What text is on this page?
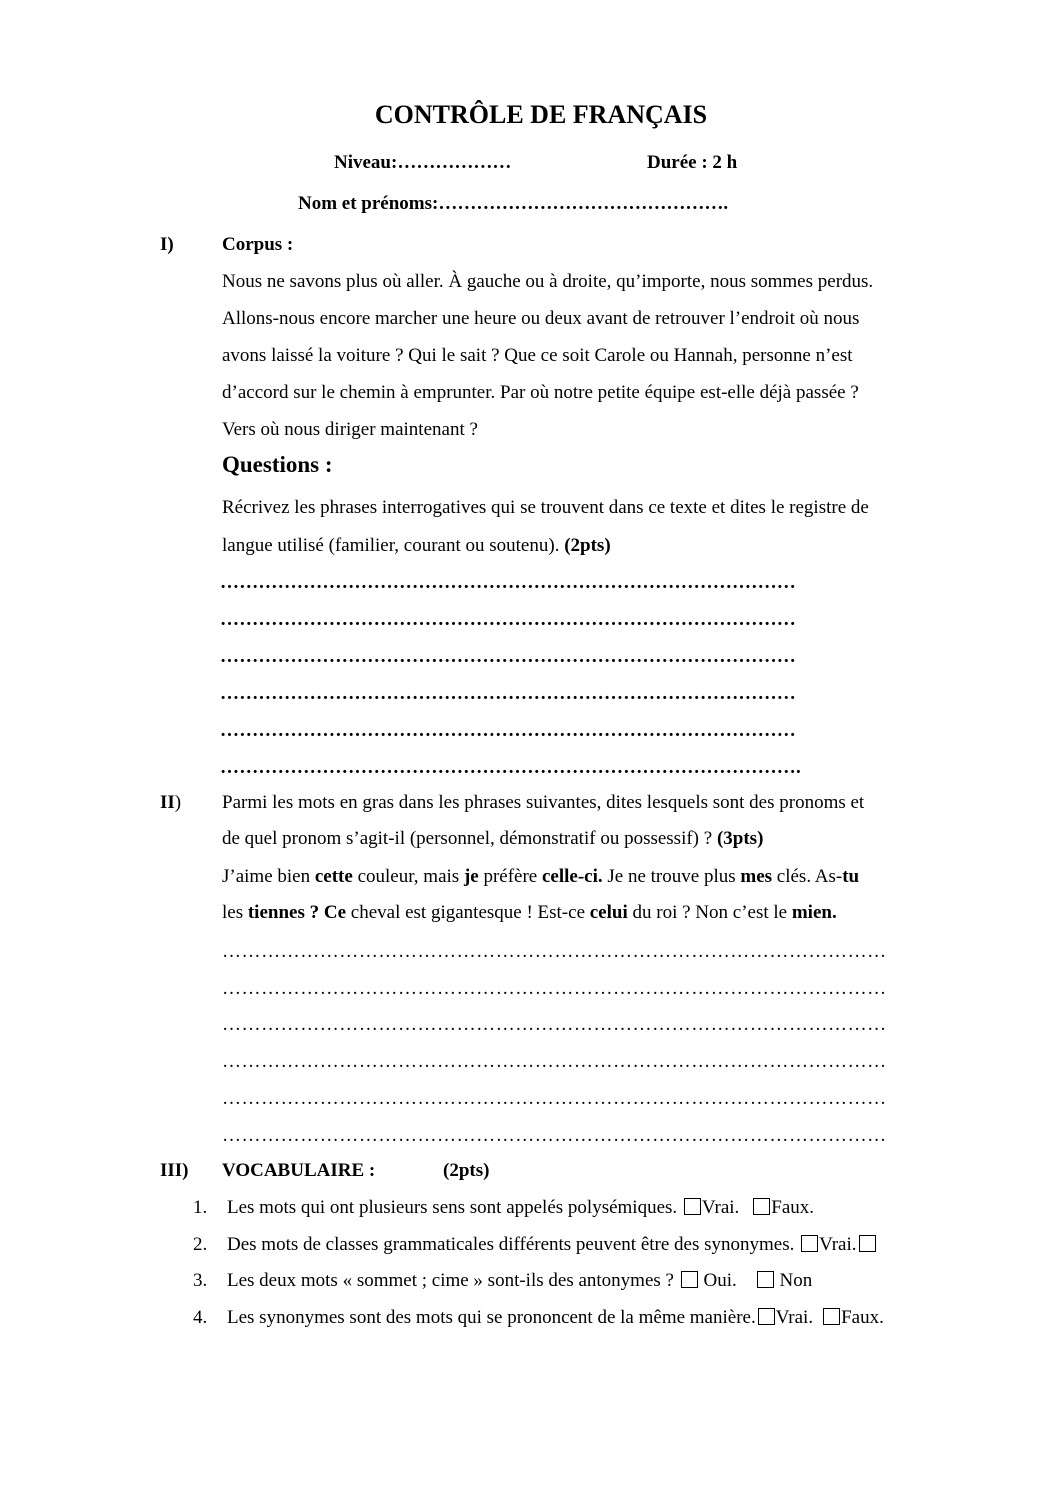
CONTRÔLE DE FRANÇAIS
Niveau:………………	Durée : 2 h
Nom et prénoms:……………………………………….
I)	Corpus :
Nous ne savons plus où aller. À gauche ou à droite, qu’importe, nous sommes perdus.
Allons-nous encore marcher une heure ou deux avant de retrouver l’endroit où nous
avons laissé la voiture ? Qui le sait ? Que ce soit Carole ou Hannah, personne n’est
d’accord sur le chemin à emprunter. Par où notre petite équipe est-elle déjà passée ?
Vers où nous diriger maintenant ?
Questions :
Récrivez les phrases interrogatives qui se trouvent dans ce texte et dites le registre de
langue utilisé (familier, courant ou soutenu). (2pts)
………………………………………………………………………………
………………………………………………………………………………
………………………………………………………………………………
………………………………………………………………………………
………………………………………………………………………………
……………………………………………………………………………….
II) Parmi les mots en gras dans les phrases suivantes, dites lesquels sont des pronoms et
de quel pronom s’agit-il (personnel, démonstratif ou possessif) ? (3pts)
J’aime bien cette couleur, mais je préfère celle-ci. Je ne trouve plus mes clés. As-tu
les tiennes ? Ce cheval est gigantesque ! Est-ce celui du roi ? Non c’est le mien.
…………………………………………………………………………………………
…………………………………………………………………………………………
…………………………………………………………………………………………
…………………………………………………………………………………………
…………………………………………………………………………………………
…………………………………………………………………………………………
III) VOCABULAIRE :	(2pts)
1. Les mots qui ont plusieurs sens sont appelés polysémiques. Vrai. Faux.
2. Des mots de classes grammaticales différents peuvent être des synonymes. Vrai.
3. Les deux mots « sommet ; cime » sont-ils des antonymes ?  Oui. Non
4. Les synonymes sont des mots qui se prononcent de la même manière. Vrai. Faux.
